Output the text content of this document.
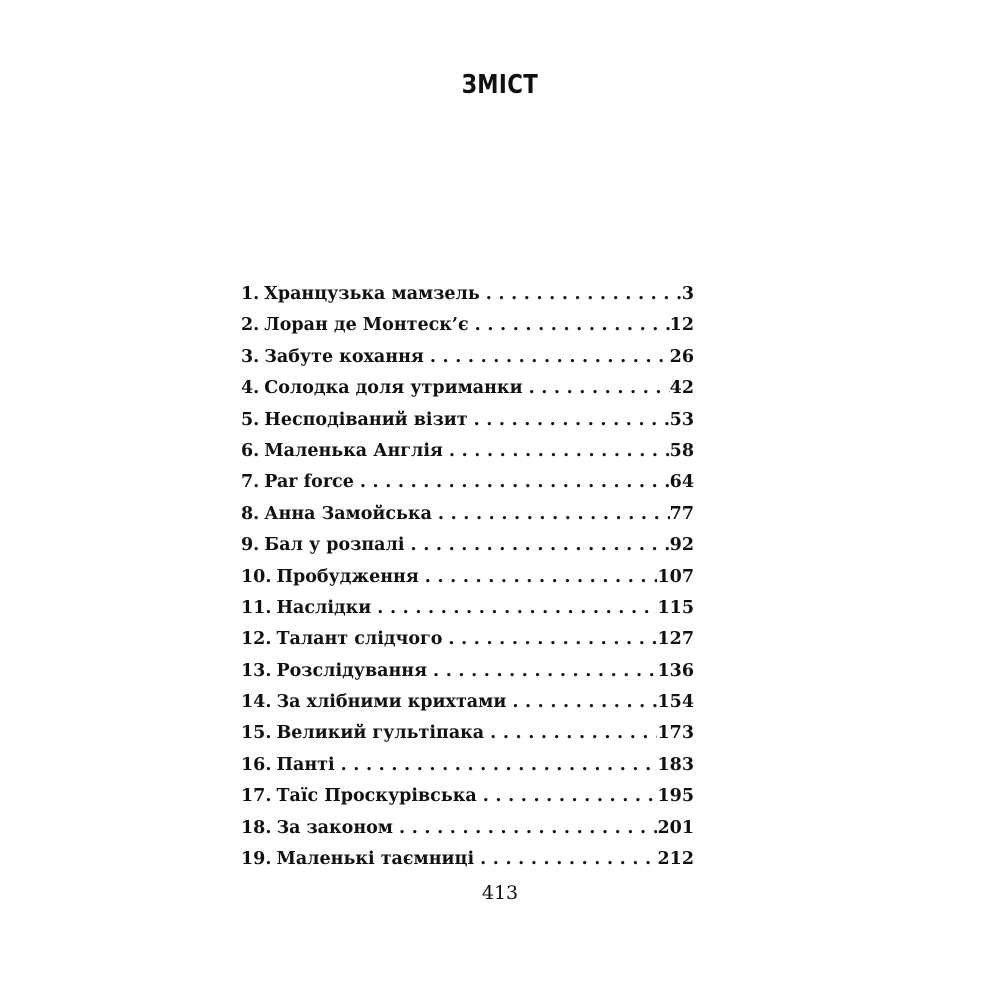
ЗМІСТ
1. Хранцузька мамзель . . .	3
2. Лоран де Монтеск’є . . .	12
3. Забуте кохання . . .	26
4. Солодка доля утриманки . . .	42
5. Несподіваний візит . . .	53
6. Маленька Англія . . .	58
7. Par force . . .	64
8. Анна Замойська . . .	77
9. Бал у розпалі . . .	92
10. Пробудження . . .	107
11. Наслідки . . .	115
12. Талант слідчого . . .	127
13. Розслідування . . .	136
14. За хлібними крихтами . . .	154
15. Великий гультіпака . . .	173
16. Панті . . .	183
17. Таїс Проскурівська . . .	195
18. За законом . . .	201
19. Маленькі таємниці . . .	212
413
